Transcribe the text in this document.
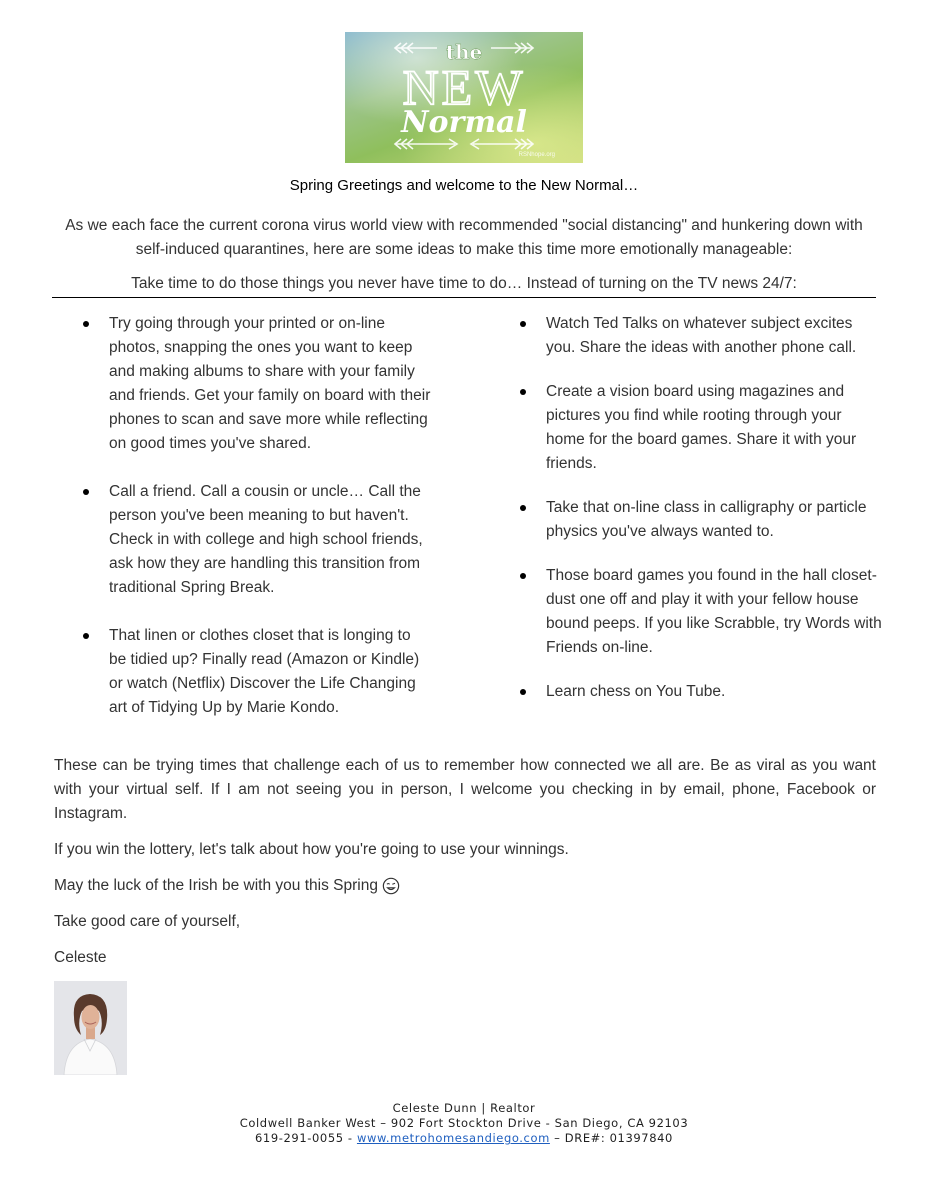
the
NEW
Normal
RSNhope.org

Spring Greetings and welcome to the New Normal…

As we each face the current corona virus world view with recommended "social distancing" and hunkering down with self-induced quarantines, here are some ideas to make this time more emotionally manageable:

Take time to do those things you never have time to do… Instead of turning on the TV news 24/7:

Try going through your printed or on-line photos, snapping the ones you want to keep and making albums to share with your family and friends. Get your family on board with their phones to scan and save more while reflecting on good times you've shared.
Call a friend. Call a cousin or uncle… Call the person you've been meaning to but haven't. Check in with college and high school friends, ask how they are handling this transition from traditional Spring Break.
That linen or clothes closet that is longing to be tidied up? Finally read (Amazon or Kindle) or watch (Netflix) Discover the Life Changing art of Tidying Up by Marie Kondo.
Watch Ted Talks on whatever subject excites you. Share the ideas with another phone call.
Create a vision board using magazines and pictures you find while rooting through your home for the board games. Share it with your friends.
Take that on-line class in calligraphy or particle physics you've always wanted to.
Those board games you found in the hall closet-dust one off and play it with your fellow house bound peeps. If you like Scrabble, try Words with Friends on-line.
Learn chess on You Tube.

These can be trying times that challenge each of us to remember how connected we all are. Be as viral as you want with your virtual self. If I am not seeing you in person, I welcome you checking in by email, phone, Facebook or Instagram.

If you win the lottery, let's talk about how you're going to use your winnings.

May the luck of the Irish be with you this Spring

Take good care of yourself,

Celeste

Celeste Dunn | Realtor
Coldwell Banker West – 902 Fort Stockton Drive - San Diego, CA 92103
619-291-0055 - www.metrohomesandiego.com – DRE#: 01397840
